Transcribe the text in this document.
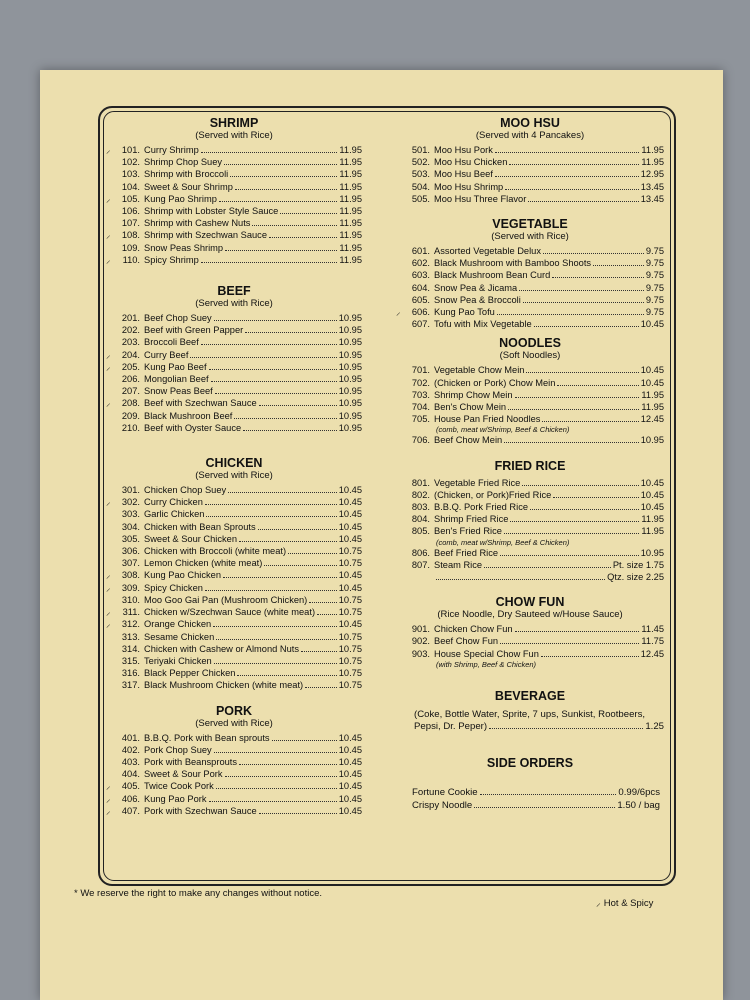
SHRIMP
(Served with Rice)
⸝	101. Curry Shrimp	11.95
102. Shrimp Chop Suey	11.95
103. Shrimp with Broccoli	11.95
104. Sweet & Sour Shrimp	11.95
⸝	105. Kung Pao Shrimp	11.95
106. Shrimp with Lobster Style Sauce	11.95
107. Shrimp with Cashew Nuts	11.95
⸝	108. Shrimp with Szechwan Sauce	11.95
109. Snow Peas Shrimp	11.95
⸝	110. Spicy Shrimp	11.95
BEEF
(Served with Rice)
201. Beef Chop Suey	10.95
202. Beef with Green Papper	10.95
203. Broccoli Beef	10.95
⸝	204. Curry Beef	10.95
⸝	205. Kung Pao Beef	10.95
206. Mongolian Beef	10.95
207. Snow Peas Beef	10.95
⸝	208. Beef with Szechwan Sauce	10.95
209. Black Mushroon Beef	10.95
210. Beef with Oyster Sauce	10.95
CHICKEN
(Served with Rice)
301. Chicken Chop Suey	10.45
⸝	302. Curry Chicken	10.45
303. Garlic Chicken	10.45
304. Chicken with Bean Sprouts	10.45
305. Sweet & Sour Chicken	10.45
306. Chicken with Broccoli (white meat)	10.75
307. Lemon Chicken (white meat)	10.75
⸝	308. Kung Pao Chicken	10.45
⸝	309. Spicy Chicken	10.45
310. Moo Goo Gai Pan (Mushroom Chicken)	10.75
⸝	311. Chicken w/Szechwan Sauce (white meat)	10.75
⸝	312. Orange Chicken	10.45
313. Sesame Chicken	10.75
314. Chicken with Cashew or Almond Nuts	10.75
315. Teriyaki Chicken	10.75
316. Black Pepper Chicken	10.75
317. Black Mushroom Chicken (white meat)	10.75
PORK
(Served with Rice)
401. B.B.Q. Pork with Bean sprouts	10.45
402. Pork Chop Suey	10.45
403. Pork with Beansprouts	10.45
404. Sweet & Sour Pork	10.45
⸝	405. Twice Cook Pork	10.45
⸝	406. Kung Pao Pork	10.45
⸝	407. Pork with Szechwan Sauce	10.45
MOO HSU
(Served with 4 Pancakes)
501. Moo Hsu Pork	11.95
502. Moo Hsu Chicken	11.95
503. Moo Hsu Beef	12.95
504. Moo Hsu Shrimp	13.45
505. Moo Hsu Three Flavor	13.45
VEGETABLE
(Served with Rice)
601. Assorted Vegetable Delux	9.75
602. Black Mushroom with Bamboo Shoots	9.75
603. Black Mushroom Bean Curd	9.75
604. Snow Pea & Jicama	9.75
605. Snow Pea & Broccoli	9.75
⸝	606. Kung Pao Tofu	9.75
607. Tofu with Mix Vegetable	10.45
NOODLES
(Soft Noodles)
701. Vegetable Chow Mein	10.45
702. (Chicken or Pork) Chow Mein	10.45
703. Shrimp Chow Mein	11.95
704. Ben's Chow Mein	11.95
705. House Pan Fried Noodles	12.45
(comb, meat w/Shrimp, Beef & Chicken)
706. Beef Chow Mein	10.95
FRIED RICE
801. Vegetable Fried Rice	10.45
802. (Chicken, or Pork)Fried Rice	10.45
803. B.B.Q. Pork Fried Rice	10.45
804. Shrimp Fried Rice	11.95
805. Ben's Fried Rice	11.95
(comb, meat w/Shrimp, Beef & Chicken)
806. Beef Fried Rice	10.95
807. Steam Rice	Pt. size 1.75
Qtz. size 2.25
CHOW FUN
(Rice Noodle, Dry Sauteed w/House Sauce)
901. Chicken Chow Fun	11.45
902. Beef Chow Fun	11.75
903. House Special Chow Fun	12.45
(with Shrimp, Beef & Chicken)
BEVERAGE
(Coke, Bottle Water, Sprite, 7 ups, Sunkist, Rootbeers,
Pepsi, Dr. Peper)	1.25
SIDE ORDERS
Fortune Cookie	0.99/6pcs
Crispy Noodle	1.50 / bag
* We reserve the right to make any changes without notice.
⸝ Hot & Spicy
